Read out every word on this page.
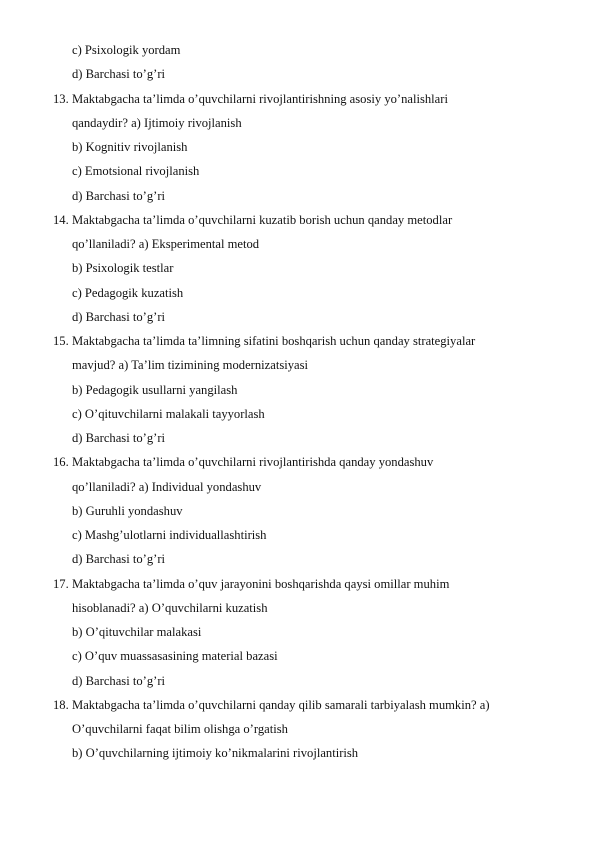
c) Psixologik yordam
d) Barchasi to’g’ri
13. Maktabgacha ta’limda o’quvchilarni rivojlantirishning asosiy yo’nalishlari
qandaydir? a) Ijtimoiy rivojlanish
b) Kognitiv rivojlanish
c) Emotsional rivojlanish
d) Barchasi to’g’ri
14. Maktabgacha ta’limda o’quvchilarni kuzatib borish uchun qanday metodlar
qo’llaniladi? a) Eksperimental metod
b) Psixologik testlar
c) Pedagogik kuzatish
d) Barchasi to’g’ri
15. Maktabgacha ta’limda ta’limning sifatini boshqarish uchun qanday strategiyalar
mavjud? a) Ta’lim tizimining modernizatsiyasi
b) Pedagogik usullarni yangilash
c) O’qituvchilarni malakali tayyorlash
d) Barchasi to’g’ri
16. Maktabgacha ta’limda o’quvchilarni rivojlantirishda qanday yondashuv
qo’llaniladi? a) Individual yondashuv
b) Guruhli yondashuv
c) Mashg’ulotlarni individuallashtirish
d) Barchasi to’g’ri
17. Maktabgacha ta’limda o’quv jarayonini boshqarishda qaysi omillar muhim
hisoblanadi? a) O’quvchilarni kuzatish
b) O’qituvchilar malakasi
c) O’quv muassasasining material bazasi
d) Barchasi to’g’ri
18. Maktabgacha ta’limda o’quvchilarni qanday qilib samarali tarbiyalash mumkin? a)
O’quvchilarni faqat bilim olishga o’rgatish
b) O’quvchilarning ijtimoiy ko’nikmalarini rivojlantirish
